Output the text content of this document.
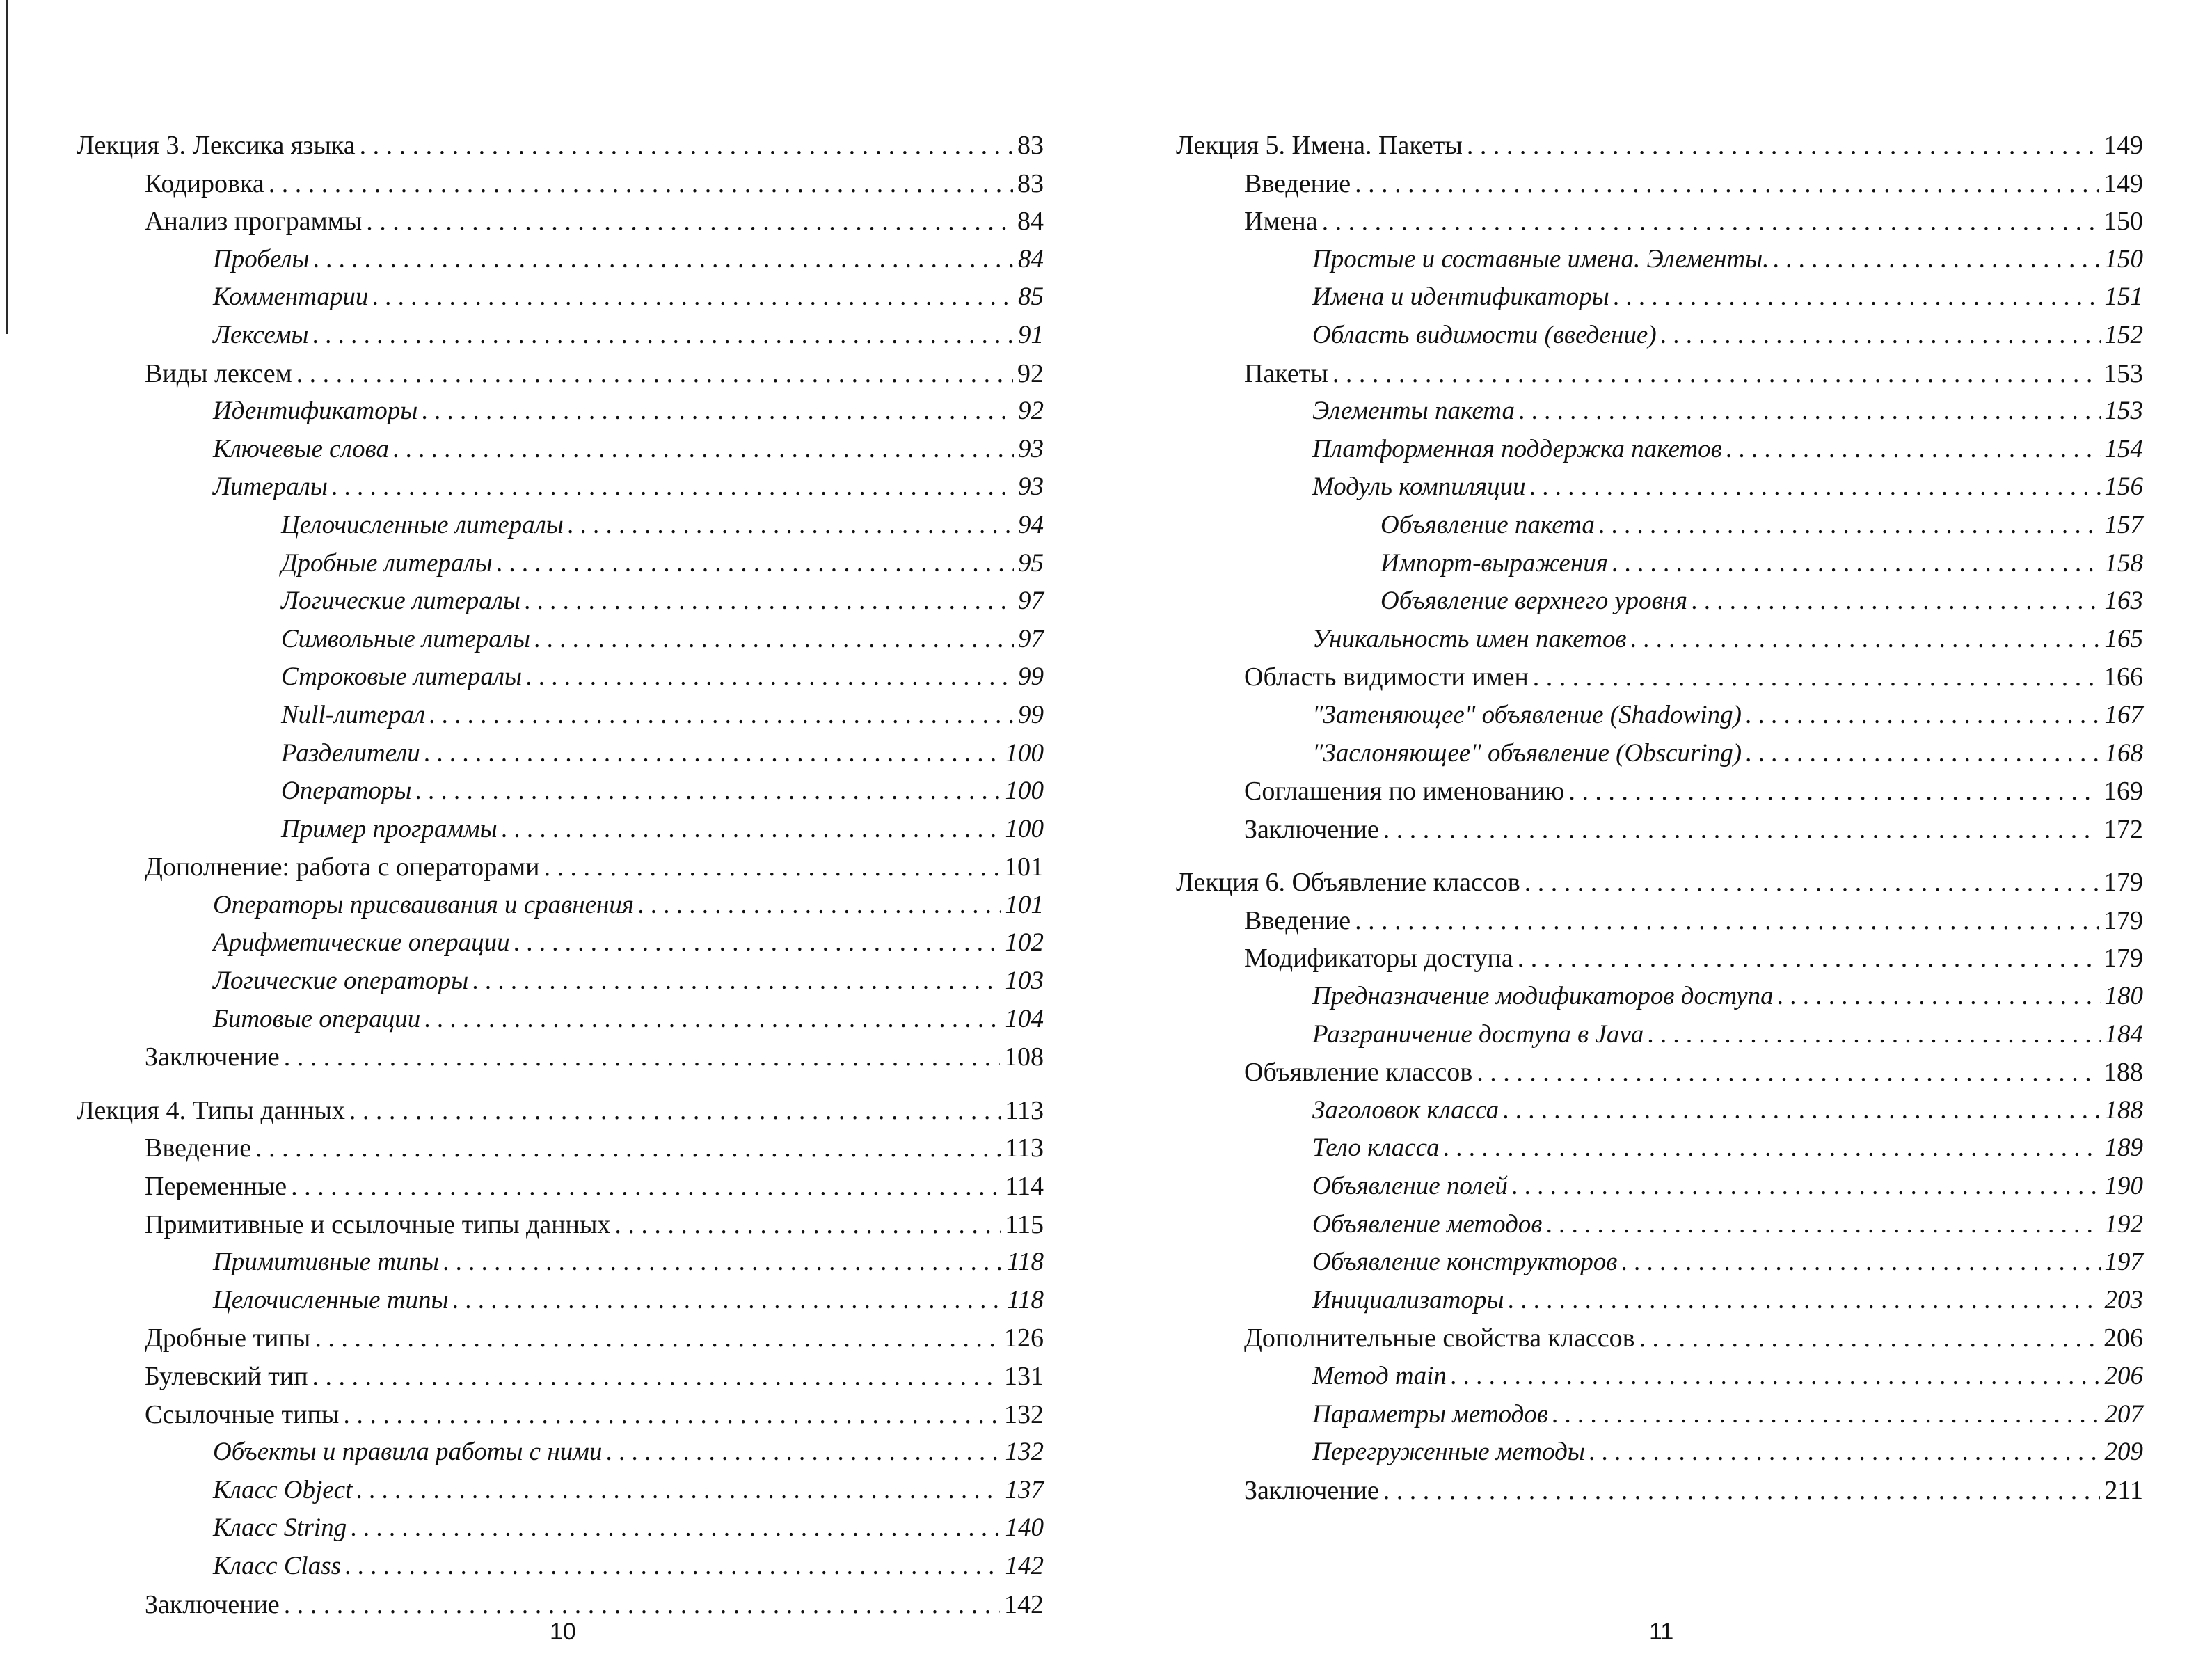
Лекция 3. Лексика языка . . .	83
Кодировка . . .	83
Анализ программы . . .	84
Пробелы . . .	84
Комментарии . . .	85
Лексемы . . .	91
Виды лексем . . .	92
Идентификаторы . . .	92
Ключевые слова . . .	93
Литералы . . .	93
Целочисленные литералы . . .	94
Дробные литералы . . .	95
Логические литералы . . .	97
Символьные литералы . . .	97
Строковые литералы . . .	99
Null-литерал . . .	99
Разделители . . .	100
Операторы . . .	100
Пример программы . . .	100
Дополнение: работа с операторами . . .	101
Операторы присваивания и сравнения . . .	101
Арифметические операции . . .	102
Логические операторы . . .	103
Битовые операции . . .	104
Заключение . . .	108
Лекция 4. Типы данных . . .	113
Введение . . .	113
Переменные . . .	114
Примитивные и ссылочные типы данных . . .	115
Примитивные типы . . .	118
Целочисленные типы . . .	118
Дробные типы . . .	126
Булевский тип . . .	131
Ссылочные типы . . .	132
Объекты и правила работы с ними . . .	132
Класс Object . . .	137
Класс String . . .	140
Класс Class . . .	142
Заключение . . .	142
10
Лекция 5. Имена. Пакеты . . .	149
Введение . . .	149
Имена . . .	150
Простые и составные имена. Элементы. . . .	150
Имена и идентификаторы . . .	151
Область видимости (введение) . . .	152
Пакеты . . .	153
Элементы пакета . . .	153
Платформенная поддержка пакетов . . .	154
Модуль компиляции . . .	156
Объявление пакета . . .	157
Импорт-выражения . . .	158
Объявление верхнего уровня . . .	163
Уникальность имен пакетов . . .	165
Область видимости имен . . .	166
"Затеняющее" объявление (Shadowing) . . .	167
"Заслоняющее" объявление (Obscuring) . . .	168
Соглашения по именованию . . .	169
Заключение . . .	172
Лекция 6. Объявление классов . . .	179
Введение . . .	179
Модификаторы доступа . . .	179
Предназначение модификаторов доступа . . .	180
Разграничение доступа в Java . . .	184
Объявление классов . . .	188
Заголовок класса . . .	188
Тело класса . . .	189
Объявление полей . . .	190
Объявление методов . . .	192
Объявление конструкторов . . .	197
Инициализаторы . . .	203
Дополнительные свойства классов . . .	206
Метод main . . .	206
Параметры методов . . .	207
Перегруженные методы . . .	209
Заключение . . .	211
11
